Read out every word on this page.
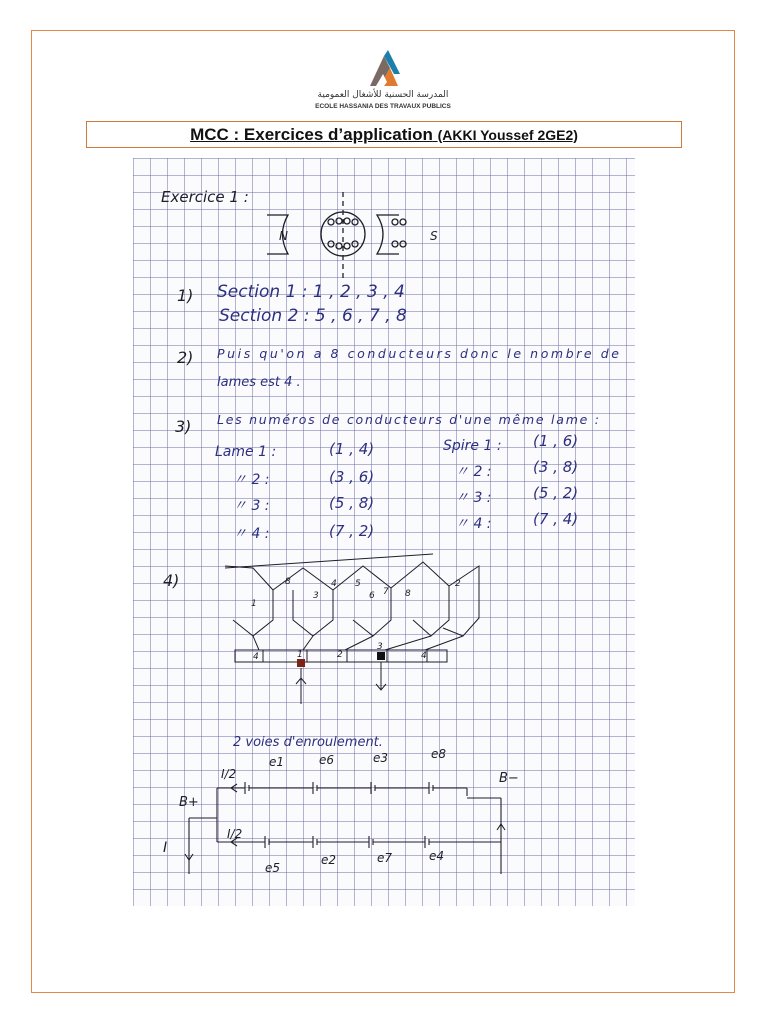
المدرسة الحسنية للأشغال العمومية
ECOLE HASSANIA DES TRAVAUX PUBLICS
MCC : Exercices d’application (AKKI Youssef 2GE2)
Exercice 1 :
N	S
1) Section 1 : 1 , 2 , 3 , 4
Section 2 : 5 , 6 , 7 , 8
2) Puis qu'on a 8 conducteurs donc le nombre de
lames est 4 .
3) Les numéros de conducteurs d'une même lame :
Lame 1 :	(1 , 4)
〃 2 :	(3 , 6)
〃 3 :	(5 , 8)
〃 4 :	(7 , 2)
Spire 1 : (1 , 6)
〃 2 :	(3 , 8)
〃 3 :	(5 , 2)
〃 4 :	(7 , 4)
4)
1
8
3
4 5
6 7 8
2
4	1	2
3
4
2 voies d'enroulement.
B+
B−
I
I/2
I/2
e1	e6	e3	e8
e5
e2	e7	e4
